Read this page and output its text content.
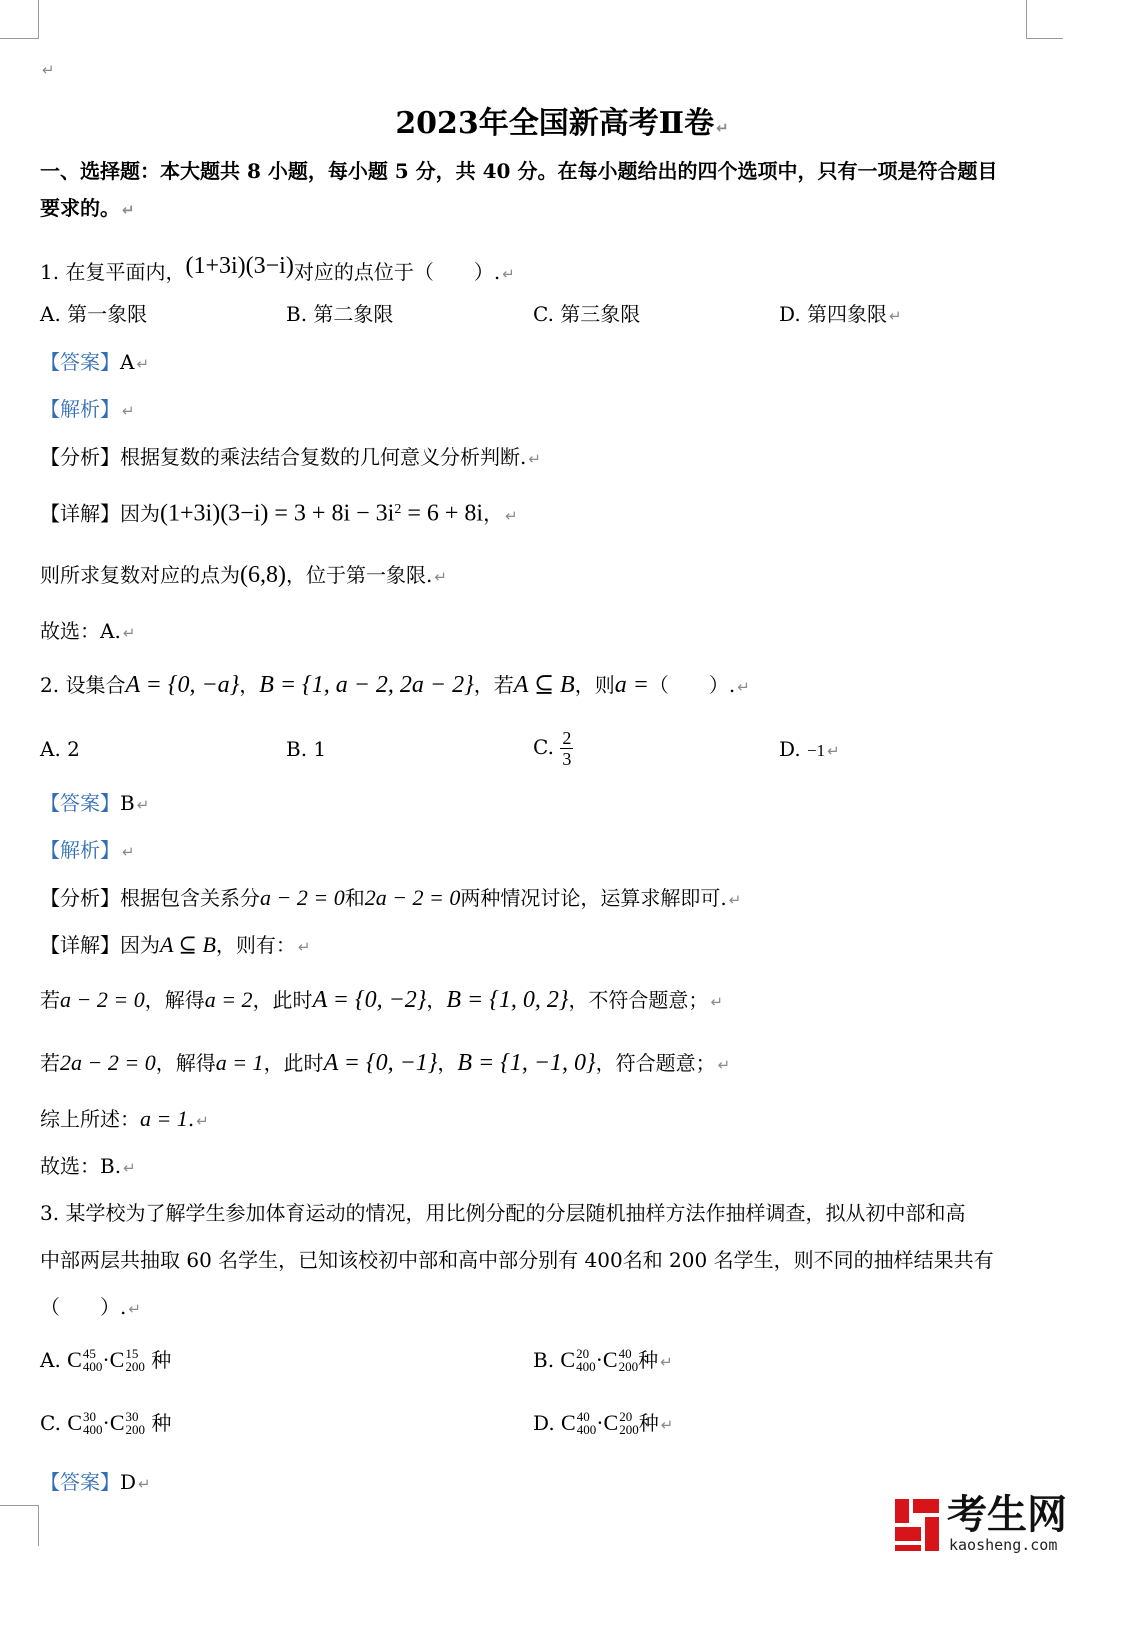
↵
2023年全国新高考Ⅱ卷 ↵
一、选择题：本大题共 8 小题，每小题 5 分，共 40 分。在每小题给出的四个选项中，只有一项是符合题目
要求的。 ↵
1. 在复平面内，(1+3i)(3−i)对应的点位于（　　）. ↵
A. 第一象限	B. 第二象限	C. 第三象限	D. 第四象限 ↵
【答案】A ↵
【解析】 ↵
【分析】根据复数的乘法结合复数的几何意义分析判断. ↵
【详解】因为$(1+3i)(3-i) = 3 + 8i - 3i^2 = 6 + 8i$， ↵
则所求复数对应的点为(6,8)，位于第一象限. ↵
故选：A. ↵
2. 设集合A = {0, −a}，B = {1, a − 2, 2a − 2}，若A ⊆ B，则a =（　　）. ↵
A. 2	B. 1	C. $\frac{2}{3}$	D. −1 ↵
【答案】B ↵
【解析】 ↵
【分析】根据包含关系分a − 2 = 0和2a − 2 = 0两种情况讨论，运算求解即可. ↵
【详解】因为A ⊆ B，则有： ↵
若a − 2 = 0，解得a = 2，此时A = {0, −2}，B = {1, 0, 2}，不符合题意； ↵
若2a − 2 = 0，解得a = 1，此时A = {0, −1}，B = {1, −1, 0}，符合题意； ↵
综上所述：a = 1. ↵
故选：B. ↵
3. 某学校为了解学生参加体育运动的情况，用比例分配的分层随机抽样方法作抽样调查，拟从初中部和高
中部两层共抽取 60 名学生，已知该校初中部和高中部分别有 400名和 200 名学生，则不同的抽样结果共有
（　　）. ↵
A. C 45
400 ·C 15
200 种	B. C 20
400 ·C 40
200 种 ↵
C. C 30
400 ·C 30
200 种	D. C 40
400 ·C 20
200 种 ↵
【答案】D ↵
考生网
kaosheng.com
